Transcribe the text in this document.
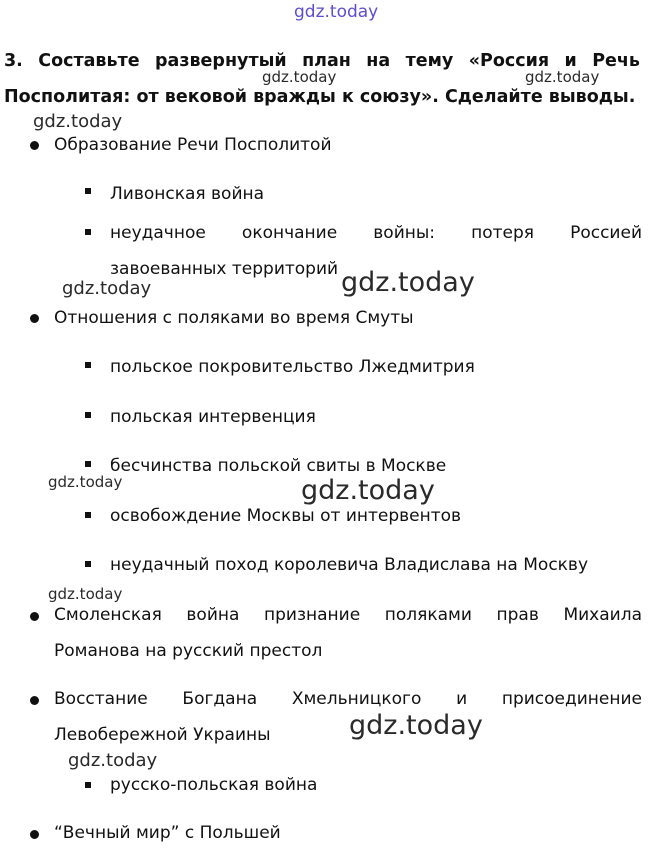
gdz.today
gdz.today	gdz.today
gdz.today
gdz.today	gdz.today
gdz.today	gdz.today
gdz.today
gdz.today
gdz.today
3. Составьте развернутый план на тему «Россия и Речь
Посполитая: от вековой вражды к союзу». Сделайте выводы.
Образование Речи Посполитой
Ливонская война
неудачное окончание войны: потеря Россией
завоеванных территорий
Отношения с поляками во время Смуты
польское покровительство Лжедмитрия
польская интервенция
бесчинства польской свиты в Москве
освобождение Москвы от интервентов
неудачный поход королевича Владислава на Москву
Смоленская война признание поляками прав Михаила
Романова на русский престол
Восстание Богдана Хмельницкого и присоединение
Левобережной Украины
русско-польская война
“Вечный мир” с Польшей
